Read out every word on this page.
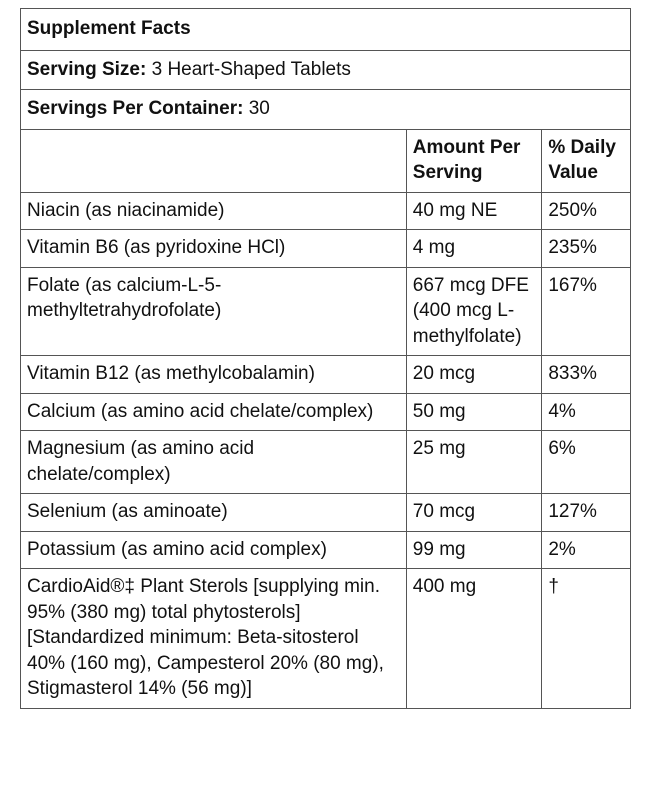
Supplement Facts		
Serving Size: 3 Heart-Shaped Tablets		
Servings Per Container: 30		
	Amount Per Serving	% Daily Value
Niacin (as niacinamide)	40 mg NE	250%
Vitamin B6 (as pyridoxine HCl)	4 mg	235%
Folate (as calcium-L-5-methyltetrahydrofolate)	667 mcg DFE (400 mcg L-methylfolate)	167%
Vitamin B12 (as methylcobalamin)	20 mcg	833%
Calcium (as amino acid chelate/complex)	50 mg	4%
Magnesium (as amino acid chelate/complex)	25 mg	6%
Selenium (as aminoate)	70 mcg	127%
Potassium (as amino acid complex)	99 mg	2%
CardioAid®‡ Plant Sterols [supplying min. 95% (380 mg) total phytosterols] [Standardized minimum: Beta-sitosterol 40% (160 mg), Campesterol 20% (80 mg), Stigmasterol 14% (56 mg)]	400 mg	†
